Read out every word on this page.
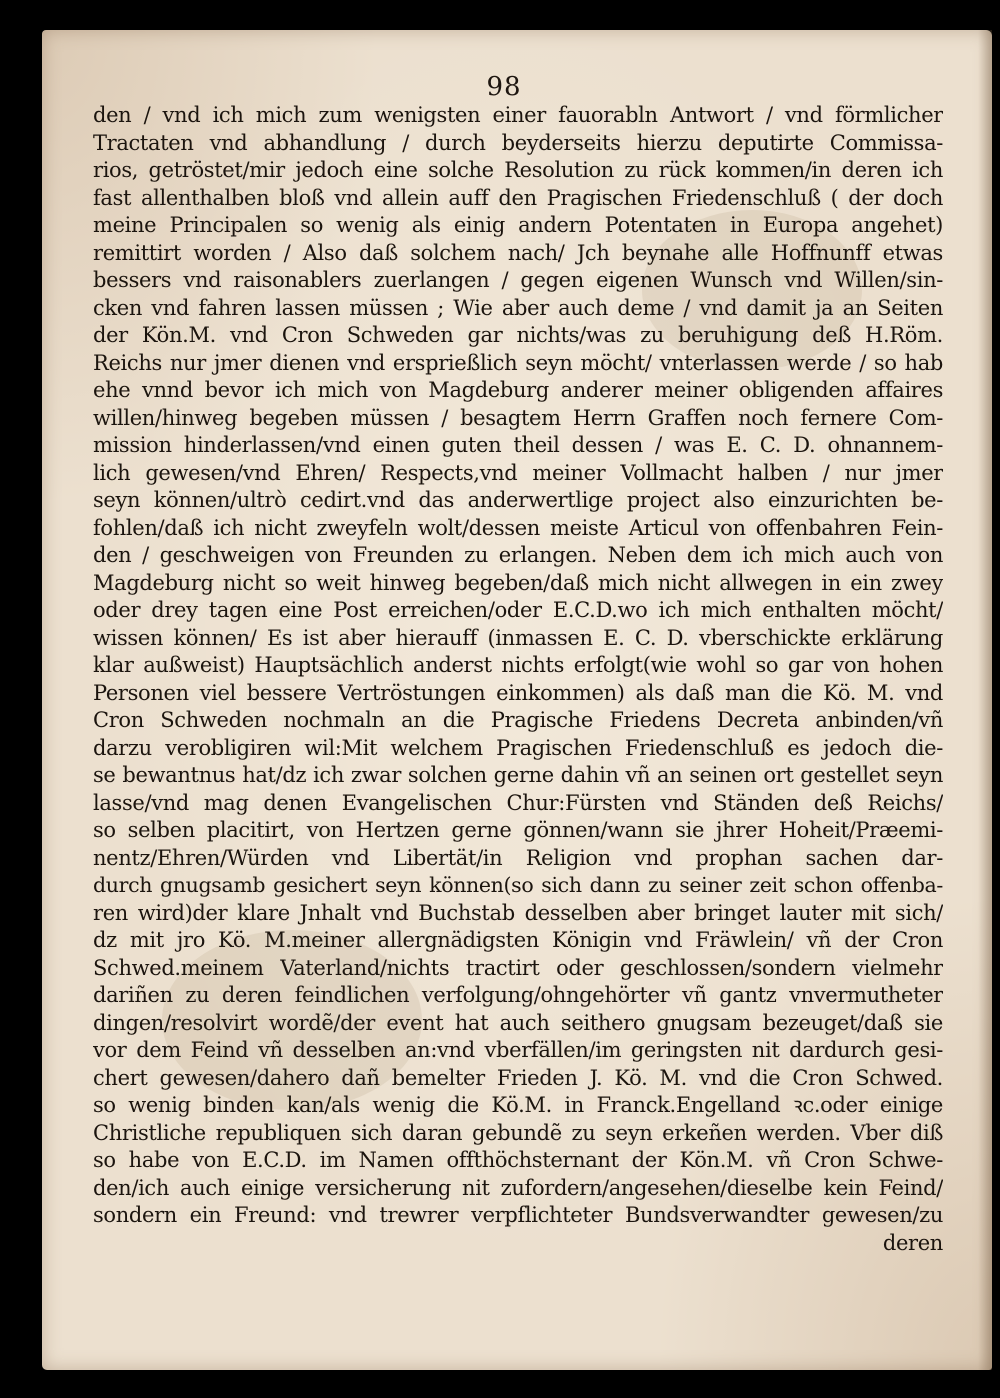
98
den / vnd ich mich zum wenigsten einer fauorabln Antwort / vnd förmlicher
Tractaten vnd abhandlung / durch beyderseits hierzu deputirte Commissa-
rios, getröstet/mir jedoch eine solche Resolution zu rück kommen/in deren ich
fast allenthalben bloß vnd allein auff den Pragischen Friedenschluß ( der doch
meine Principalen so wenig als einig andern Potentaten in Europa angehet)
remittirt worden / Also daß solchem nach/ Jch beynahe alle Hoffnunff etwas
bessers vnd raisonablers zuerlangen / gegen eigenen Wunsch vnd Willen/sin-
cken vnd fahren lassen müssen ; Wie aber auch deme / vnd damit ja an Seiten
der Kön.M. vnd Cron Schweden gar nichts/was zu beruhigung deß H.Röm.
Reichs nur jmer dienen vnd ersprießlich seyn möcht/ vnterlassen werde / so hab
ehe vnnd bevor ich mich von Magdeburg anderer meiner obligenden affaires
willen/hinweg begeben müssen / besagtem Herrn Graffen noch fernere Com-
mission hinderlassen/vnd einen guten theil dessen / was E. C. D. ohnannem-
lich gewesen/vnd Ehren/ Respects,vnd meiner Vollmacht halben / nur jmer
seyn können/ultrò cedirt.vnd das anderwertlige project also einzurichten be-
fohlen/daß ich nicht zweyfeln wolt/dessen meiste Articul von offenbahren Fein-
den / geschweigen von Freunden zu erlangen. Neben dem ich mich auch von
Magdeburg nicht so weit hinweg begeben/daß mich nicht allwegen in ein zwey
oder drey tagen eine Post erreichen/oder E.C.D.wo ich mich enthalten möcht/
wissen können/ Es ist aber hierauff (inmassen E. C. D. vberschickte erklärung
klar außweist) Hauptsächlich anderst nichts erfolgt(wie wohl so gar von hohen
Personen viel bessere Vertröstungen einkommen) als daß man die Kö. M. vnd
Cron Schweden nochmaln an die Pragische Friedens Decreta anbinden/vñ
darzu verobligiren wil:Mit welchem Pragischen Friedenschluß es jedoch die-
se bewantnus hat/dz ich zwar solchen gerne dahin vñ an seinen ort gestellet seyn
lasse/vnd mag denen Evangelischen Chur:Fürsten vnd Ständen deß Reichs/
so selben placitirt, von Hertzen gerne gönnen/wann sie jhrer Hoheit/Præemi-
nentz/Ehren/Würden vnd Libertät/in Religion vnd prophan sachen dar-
durch gnugsamb gesichert seyn können(so sich dann zu seiner zeit schon offenba-
ren wird)der klare Jnhalt vnd Buchstab desselben aber bringet lauter mit sich/
dz mit jro Kö. M.meiner allergnädigsten Königin vnd Fräwlein/ vñ der Cron
Schwed.meinem Vaterland/nichts tractirt oder geschlossen/sondern vielmehr
dariñen zu deren feindlichen verfolgung/ohngehörter vñ gantz vnvermutheter
dingen/resolvirt wordẽ/der event hat auch seithero gnugsam bezeuget/daß sie
vor dem Feind vñ desselben an:vnd vberfällen/im geringsten nit dardurch gesi-
chert gewesen/dahero dañ bemelter Frieden J. Kö. M. vnd die Cron Schwed.
so wenig binden kan/als wenig die Kö.M. in Franck.Engelland ꝛc.oder einige
Christliche republiquen sich daran gebundẽ zu seyn erkeñen werden. Vber diß
so habe von E.C.D. im Namen offthöchsternant der Kön.M. vñ Cron Schwe-
den/ich auch einige versicherung nit zufordern/angesehen/dieselbe kein Feind/
sondern ein Freund: vnd trewrer verpflichteter Bundsverwandter gewesen/zu
deren
